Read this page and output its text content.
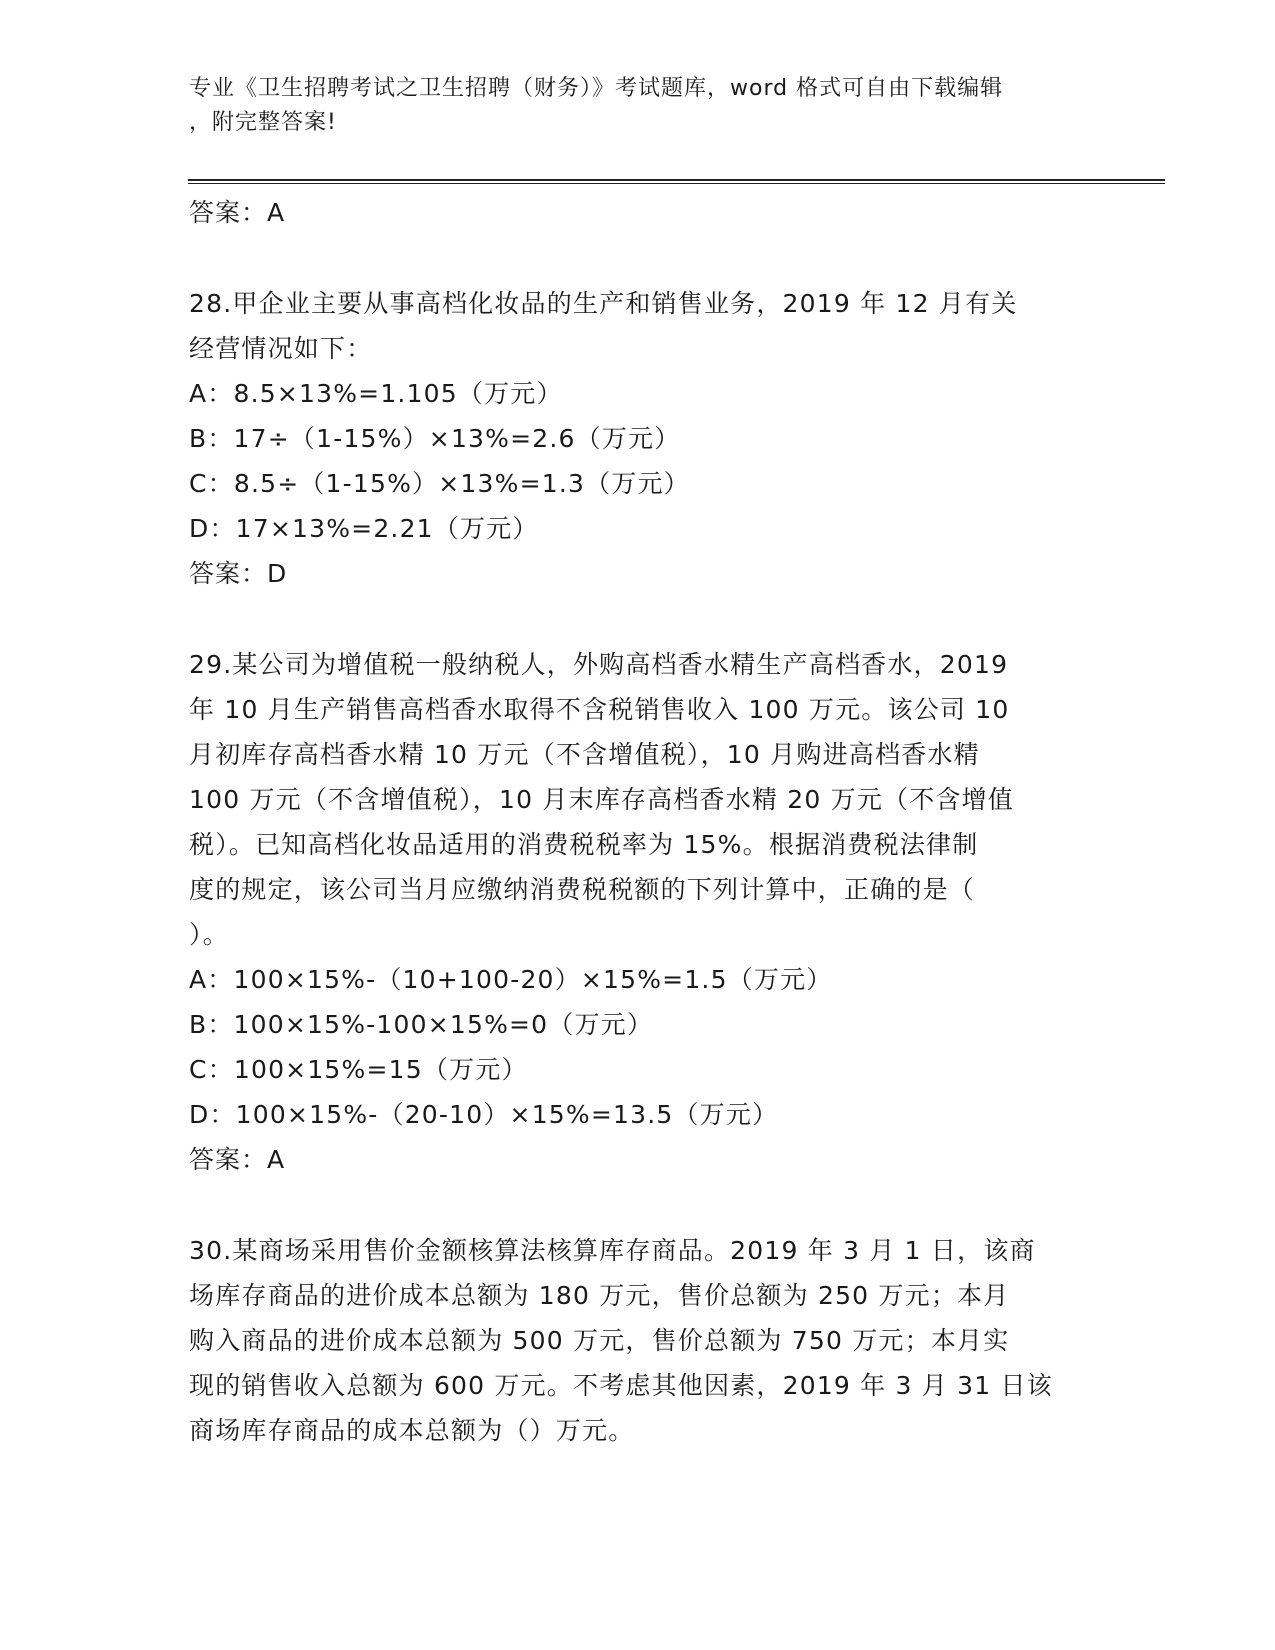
专业《卫生招聘考试之卫生招聘（财务）》考试题库，word 格式可自由下载编辑
，附完整答案!
答案：A
28.甲企业主要从事高档化妆品的生产和销售业务，2019 年 12 月有关
经营情况如下：
A：8.5×13%=1.105（万元）
B：17÷（1-15%）×13%=2.6（万元）
C：8.5÷（1-15%）×13%=1.3（万元）
D：17×13%=2.21（万元）
答案：D
29.某公司为增值税一般纳税人，外购高档香水精生产高档香水，2019
年 10 月生产销售高档香水取得不含税销售收入 100 万元。该公司 10
月初库存高档香水精 10 万元（不含增值税），10 月购进高档香水精
100 万元（不含增值税），10 月末库存高档香水精 20 万元（不含增值
税）。已知高档化妆品适用的消费税税率为 15%。根据消费税法律制
度的规定，该公司当月应缴纳消费税税额的下列计算中，正确的是（
）。
A：100×15%-（10+100-20）×15%=1.5（万元）
B：100×15%-100×15%=0（万元）
C：100×15%=15（万元）
D：100×15%-（20-10）×15%=13.5（万元）
答案：A
30.某商场采用售价金额核算法核算库存商品。2019 年 3 月 1 日，该商
场库存商品的进价成本总额为 180 万元，售价总额为 250 万元；本月
购入商品的进价成本总额为 500 万元，售价总额为 750 万元；本月实
现的销售收入总额为 600 万元。不考虑其他因素，2019 年 3 月 31 日该
商场库存商品的成本总额为（）万元。
